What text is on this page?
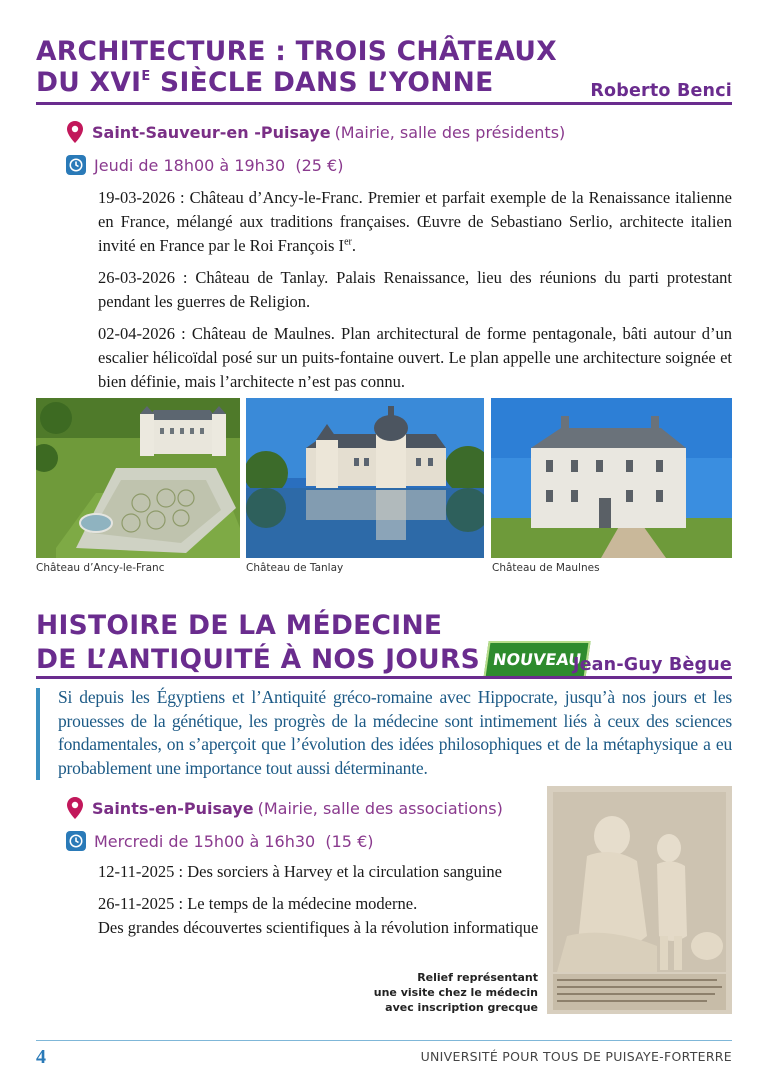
ARCHITECTURE : TROIS CHÂTEAUX
DU $XVI^E$ SIÈCLE DANS L’YONNE	Roberto Benci
Saint-Sauveur-en -Puisaye (Mairie, salle des présidents)
Jeudi de 18h00 à 19h30  (25 €)

19-03-2026 : Château d’Ancy-le-Franc. Premier et parfait exemple de la Renaissance italienne en France, mélangé aux traditions françaises. Œuvre de Sebastiano Serlio, architecte italien invité en France par le Roi François Ier.

26-03-2026 : Château de Tanlay. Palais Renaissance, lieu des réunions du parti protestant pendant les guerres de Religion.

02-04-2026 : Château de Maulnes. Plan architectural de forme pentagonale, bâti autour d’un escalier hélicoïdal posé sur un puits-fontaine ouvert. Le plan appelle une architecture soignée et bien définie, mais l’architecte n’est pas connu.

Château d’Ancy-le-Franc	Château de Tanlay	Château de Maulnes
HISTOIRE DE LA MÉDECINE
DE L’ANTIQUITÉ À NOS JOURS NOUVEAU
Jean-Guy Bègue
Si depuis les Égyptiens et l’Antiquité gréco-romaine avec Hippocrate, jusqu’à nos jours et les prouesses de la génétique, les progrès de la médecine sont intimement liés à ceux des sciences fondamentales, on s’aperçoit que l’évolution des idées philosophiques et de la métaphysique a eu probablement une importance tout aussi déterminante.
Saints-en-Puisaye (Mairie, salle des associations)
Mercredi de 15h00 à 16h30  (15 €)

12-11-2025 : Des sorciers à Harvey et la circulation sanguine

26-11-2025 : Le temps de la médecine moderne.
Des grandes découvertes scientifiques à la révolution informatique

Relief représentant
une visite chez le médecin
avec inscription grecque
4	UNIVERSITÉ POUR TOUS DE PUISAYE-FORTERRE
